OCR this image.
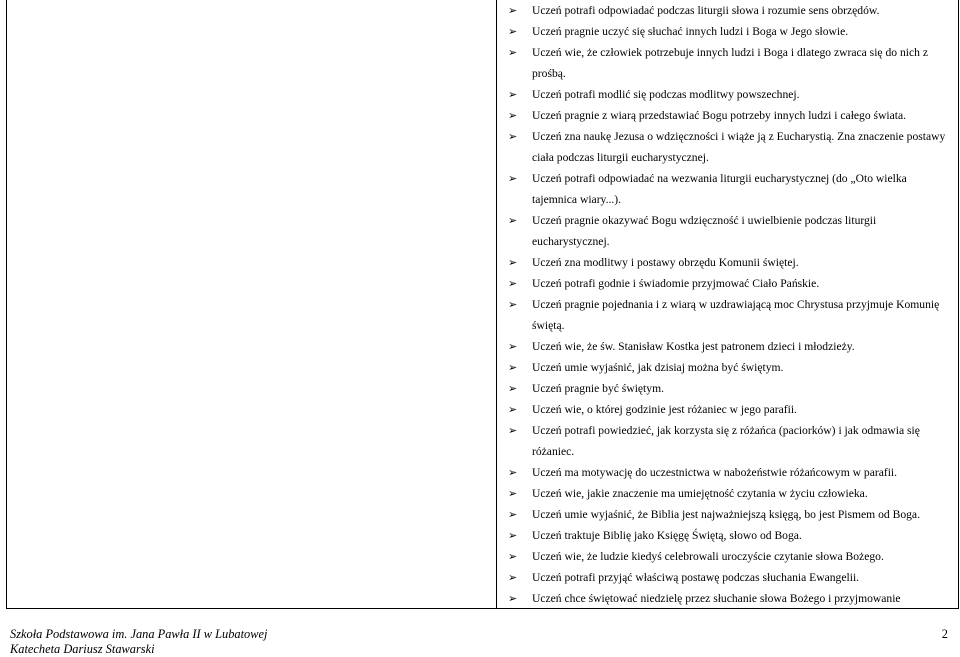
➢ Uczeń potrafi odpowiadać podczas liturgii słowa i rozumie sens obrzędów.
➢ Uczeń pragnie uczyć się słuchać innych ludzi i Boga w Jego słowie.
➢ Uczeń wie, że człowiek potrzebuje innych ludzi i Boga i dlatego zwraca się do nich z prośbą.
➢ Uczeń potrafi modlić się podczas modlitwy powszechnej.
➢ Uczeń pragnie z wiarą przedstawiać Bogu potrzeby innych ludzi i całego świata.
➢ Uczeń zna naukę Jezusa o wdzięczności i wiąże ją z Eucharystią. Zna znaczenie postawy ciała podczas liturgii eucharystycznej.
➢ Uczeń potrafi odpowiadać na wezwania liturgii eucharystycznej (do „Oto wielka tajemnica wiary...).
➢ Uczeń pragnie okazywać Bogu wdzięczność i uwielbienie podczas liturgii eucharystycznej.
➢ Uczeń zna modlitwy i postawy obrzędu Komunii świętej.
➢ Uczeń potrafi godnie i świadomie przyjmować Ciało Pańskie.
➢ Uczeń pragnie pojednania i z wiarą w uzdrawiającą moc Chrystusa przyjmuje Komunię świętą.
➢ Uczeń wie, że św. Stanisław Kostka jest patronem dzieci i młodzieży.
➢ Uczeń umie wyjaśnić, jak dzisiaj można być świętym.
➢ Uczeń pragnie być świętym.
➢ Uczeń wie, o której godzinie jest różaniec w jego parafii.
➢ Uczeń potrafi powiedzieć, jak korzysta się z różańca (paciorków) i jak odmawia się różaniec.
➢ Uczeń ma motywację do uczestnictwa w nabożeństwie różańcowym w parafii.
➢ Uczeń wie, jakie znaczenie ma umiejętność czytania w życiu człowieka.
➢ Uczeń umie wyjaśnić, że Biblia jest najważniejszą księgą, bo jest Pismem od Boga.
➢ Uczeń traktuje Biblię jako Księgę Świętą, słowo od Boga.
➢ Uczeń wie, że ludzie kiedyś celebrowali uroczyście czytanie słowa Bożego.
➢ Uczeń potrafi przyjąć właściwą postawę podczas słuchania Ewangelii.
➢ Uczeń chce świętować niedzielę przez słuchanie słowa Bożego i przyjmowanie
Szkoła Podstawowa im. Jana Pawła II w Lubatowej
Katecheta Dariusz Stawarski
2
